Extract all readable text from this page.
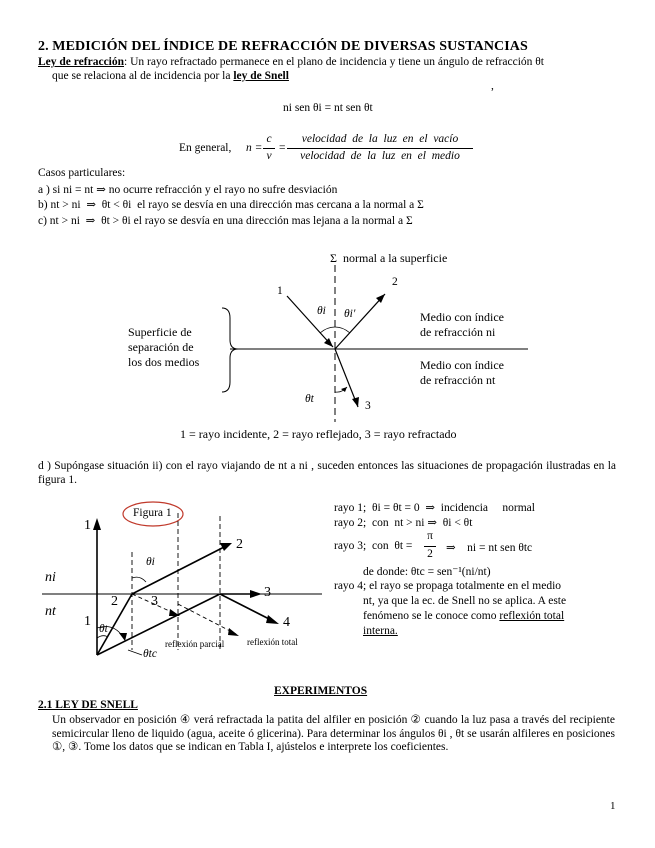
2. MEDICIÓN DEL ÍNDICE DE REFRACCIÓN DE DIVERSAS SUSTANCIAS
Ley de refracción: Un rayo refractado permanece en el plano de incidencia y tiene un ángulo de refracción θt
que se relaciona al de incidencia por la ley de Snell
,
ni sen θi = nt sen θt
En general, n =
c
v
=
velocidad  de  la  luz  en  el  vacío
velocidad  de  la  luz  en  el  medio
Casos particulares:
a ) si ni = nt ⇒ no ocurre refracción y el rayo no sufre desviación
b) nt > ni  ⇒  θt < θi  el rayo se desvía en una dirección mas cercana a la normal a Σ
c) nt > ni  ⇒  θt > θi el rayo se desvía en una dirección mas lejana a la normal a Σ
Σ  normal a la superficie
1
2
3
θi θi'
θt
Superficie de
separación de
los dos medios
Medio con índice
de refracción ni
Medio con índice
de refracción nt
1 = rayo incidente, 2 = rayo reflejado, 3 = rayo refractado
d ) Supóngase situación ii) con el rayo viajando de nt a ni , suceden entonces las situaciones de propagación ilustradas en la figura 1.
Figura 1
ni
nt
1
1
2
2
3
3
4
θi
θt
θtc
reflexión parcial	reflexión total
rayo 1;  θi = θt = 0  ⇒  incidencia     normal
rayo 2;  con  nt > ni ⇒  θi < θt
rayo 3;  con  θt =
π
2 ⇒    ni = nt sen θtc
de donde: θtc = sen⁻¹(ni/nt)
rayo 4; el rayo se propaga totalmente en el medio
nt, ya que la ec. de Snell no se aplica. A este
fenómeno se le conoce como reflexión total
interna.
EXPERIMENTOS
2.1 LEY DE SNELL
Un observador en posición ④ verá refractada la patita del alfiler en posición ② cuando la luz pasa a través del recipiente semicircular lleno de liquido (agua, aceite ó glicerina). Para determinar los ángulos θi , θt se usarán alfileres en posiciones ①, ③. Tome los datos que se indican en Tabla I, ajústelos e interprete los coeficientes.
1
